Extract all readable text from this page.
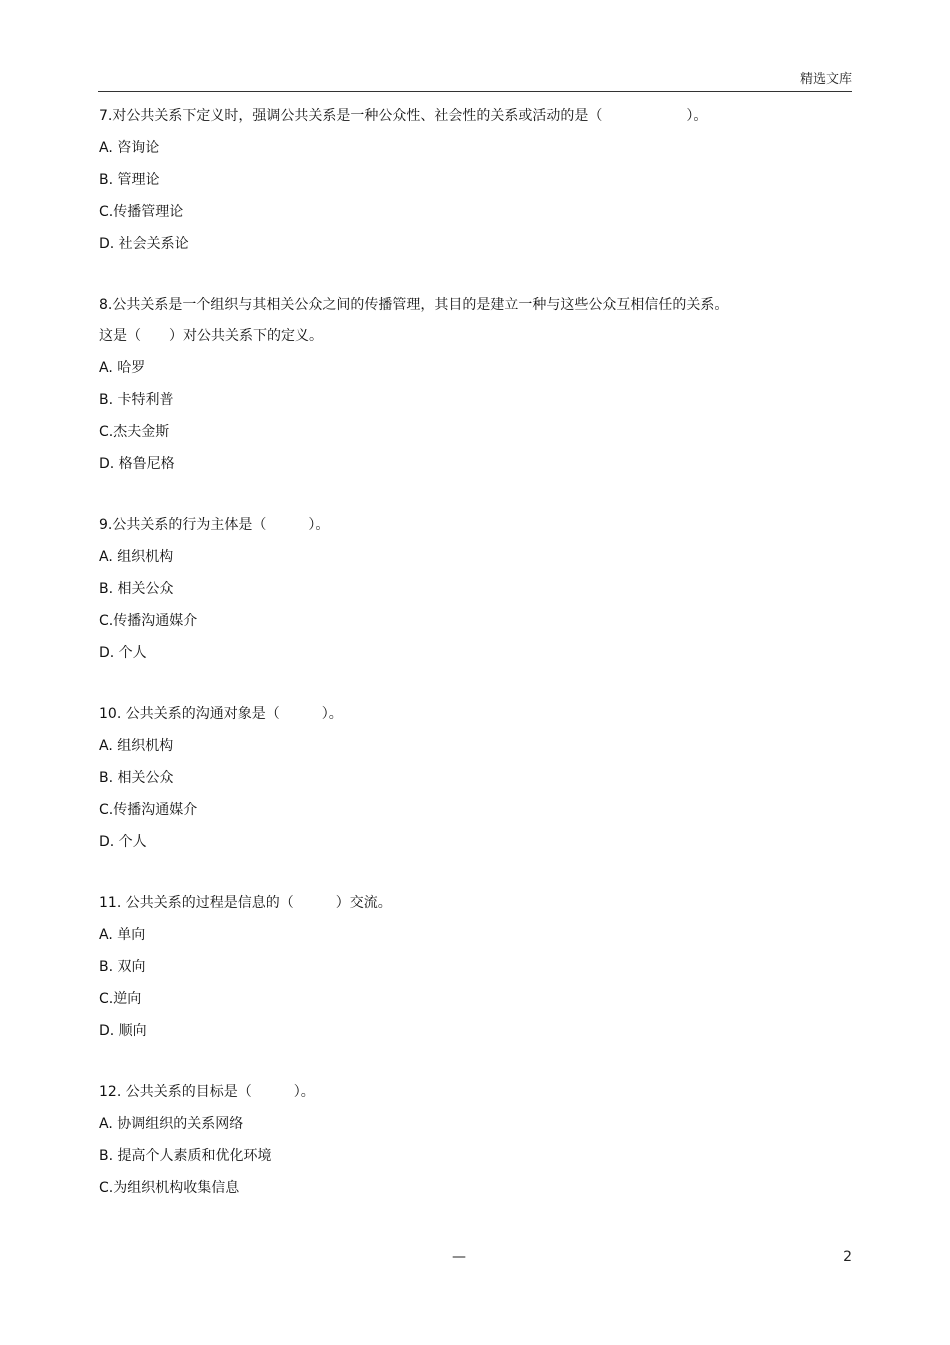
精选文库
7.对公共关系下定义时，强调公共关系是一种公众性、社会性的关系或活动的是（　　　　　　）。
A. 咨询论
B. 管理论
C.传播管理论
D. 社会关系论
8.公共关系是一个组织与其相关公众之间的传播管理，其目的是建立一种与这些公众互相信任的关系。
这是（　　）对公共关系下的定义。
A. 哈罗
B. 卡特利普
C.杰夫金斯
D. 格鲁尼格
9.公共关系的行为主体是（　　　）。
A. 组织机构
B. 相关公众
C.传播沟通媒介
D. 个人
10. 公共关系的沟通对象是（　　　）。
A. 组织机构
B. 相关公众
C.传播沟通媒介
D. 个人
11. 公共关系的过程是信息的（　　　）交流。
A. 单向
B. 双向
C.逆向
D. 顺向
12. 公共关系的目标是（　　　）。
A. 协调组织的关系网络
B. 提高个人素质和优化环境
C.为组织机构收集信息
—	2
